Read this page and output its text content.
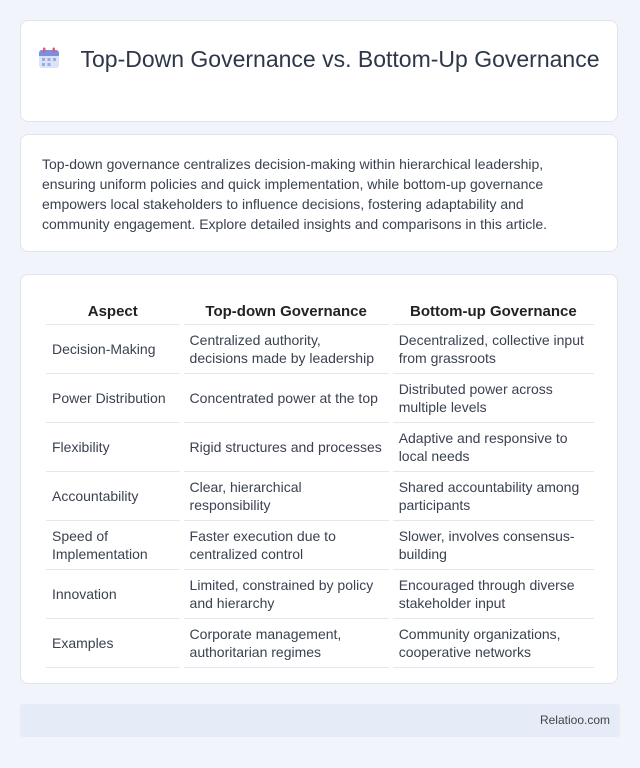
Top-Down Governance vs. Bottom-Up Governance
Top-down governance centralizes decision-making within hierarchical leadership, ensuring uniform policies and quick implementation, while bottom-up governance empowers local stakeholders to influence decisions, fostering adaptability and community engagement. Explore detailed insights and comparisons in this article.
Aspect	Top-down Governance	Bottom-up Governance
Decision-Making	Centralized authority, decisions made by leadership	Decentralized, collective input from grassroots
Power Distribution	Concentrated power at the top	Distributed power across multiple levels
Flexibility	Rigid structures and processes	Adaptive and responsive to local needs
Accountability	Clear, hierarchical responsibility	Shared accountability among participants
Speed of Implementation	Faster execution due to centralized control	Slower, involves consensus-building
Innovation	Limited, constrained by policy and hierarchy	Encouraged through diverse stakeholder input
Examples	Corporate management, authoritarian regimes	Community organizations, cooperative networks
Relatioo.com
